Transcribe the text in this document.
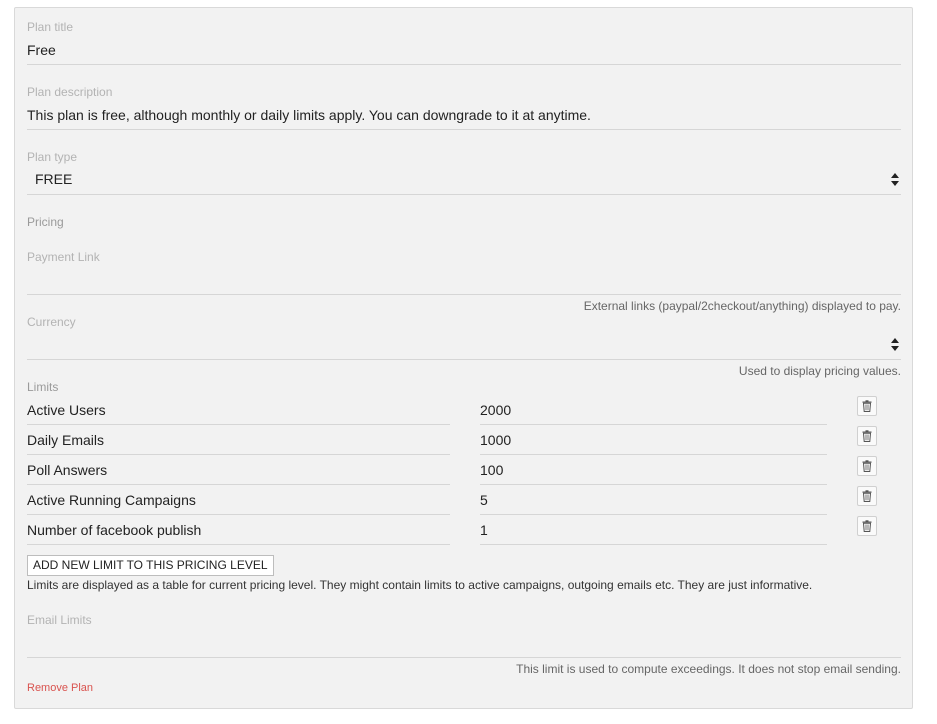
Plan title
Free
Plan description
This plan is free, although monthly or daily limits apply. You can downgrade to it at anytime.
Plan type
FREE
Pricing
Payment Link
External links (paypal/2checkout/anything) displayed to pay.
Currency
Used to display pricing values.
Limits
Active Users	2000
Daily Emails	1000
Poll Answers	100
Active Running Campaigns	5
Number of facebook publish	1
ADD NEW LIMIT TO THIS PRICING LEVEL
Limits are displayed as a table for current pricing level. They might contain limits to active campaigns, outgoing emails etc. They are just informative.
Email Limits
This limit is used to compute exceedings. It does not stop email sending.
Remove Plan
